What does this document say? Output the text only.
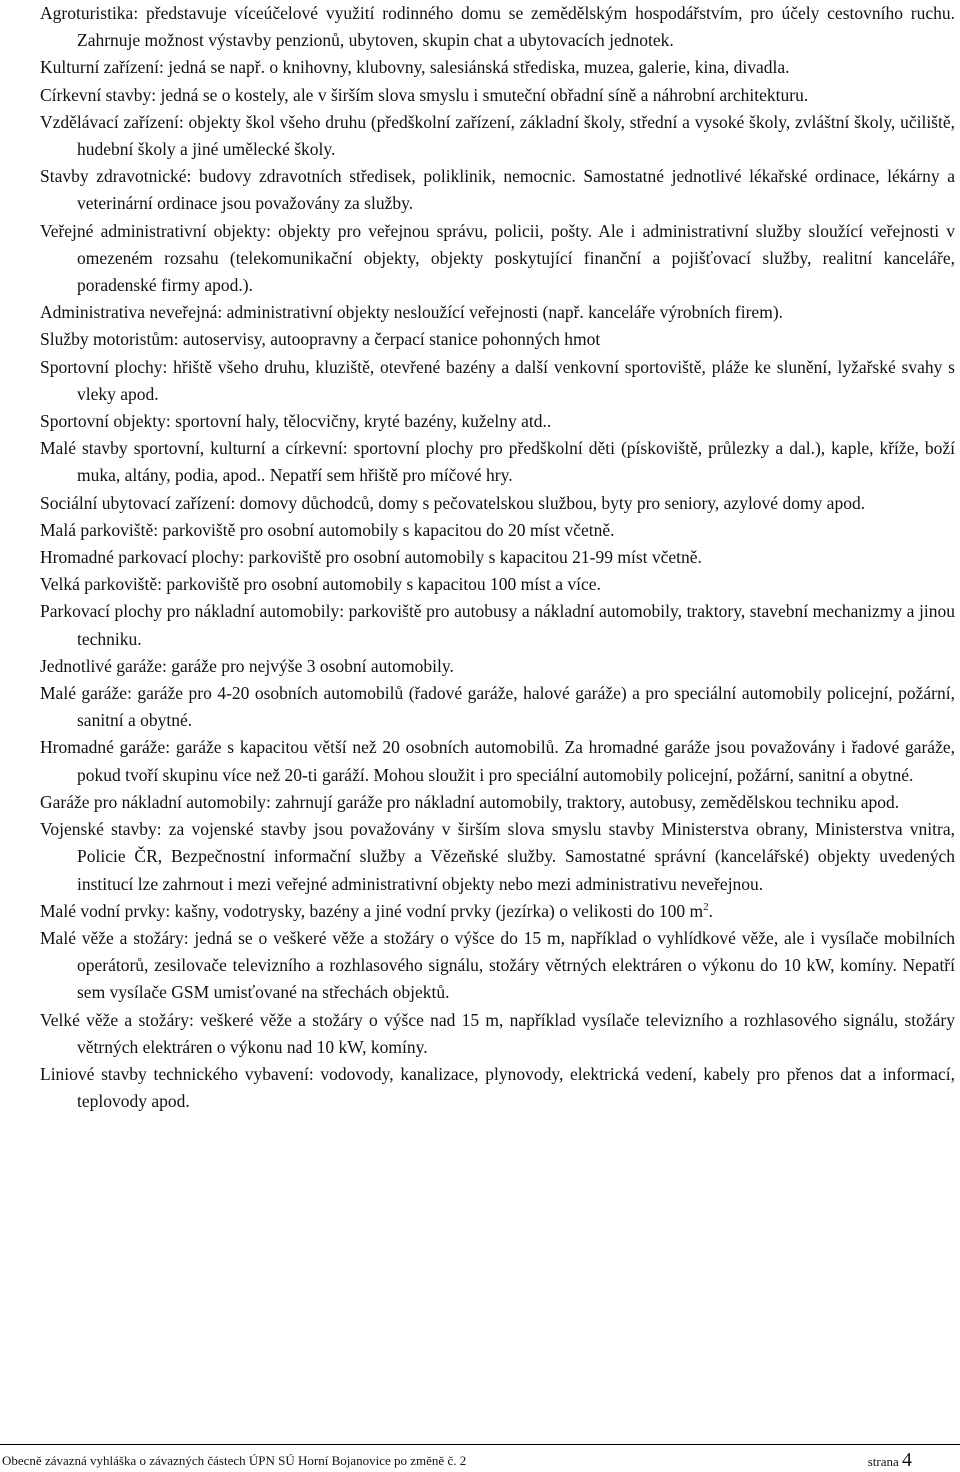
Agroturistika: představuje víceúčelové využití rodinného domu se zemědělským hospodářstvím, pro účely cestovního ruchu. Zahrnuje možnost výstavby penzionů, ubytoven, skupin chat a ubytovacích jednotek.

Kulturní zařízení: jedná se např. o knihovny, klubovny, salesiánská střediska, muzea, galerie, kina, divadla.

Církevní stavby: jedná se o kostely, ale v širším slova smyslu i smuteční obřadní síně a náhrobní architekturu.

Vzdělávací zařízení: objekty škol všeho druhu (předškolní zařízení, základní školy, střední a vysoké školy, zvláštní školy, učiliště, hudební školy a jiné umělecké školy.

Stavby zdravotnické: budovy zdravotních středisek, poliklinik, nemocnic. Samostatné jednotlivé lékařské ordinace, lékárny a veterinární ordinace jsou považovány za služby.

Veřejné administrativní objekty: objekty pro veřejnou správu, policii, pošty. Ale i administrativní služby sloužící veřejnosti v omezeném rozsahu (telekomunikační objekty, objekty poskytující finanční a pojišťovací služby, realitní kanceláře, poradenské firmy apod.).

Administrativa neveřejná: administrativní objekty nesloužící veřejnosti (např. kanceláře výrobních firem).

Služby motoristům: autoservisy, autoopravny a čerpací stanice pohonných hmot

Sportovní plochy: hřiště všeho druhu, kluziště, otevřené bazény a další venkovní sportoviště, pláže ke slunění, lyžařské svahy s vleky apod.

Sportovní objekty: sportovní haly, tělocvičny, kryté bazény, kuželny atd..

Malé stavby sportovní, kulturní a církevní: sportovní plochy pro předškolní děti (pískoviště, průlezky a dal.), kaple, kříže, boží muka, altány, podia, apod.. Nepatří sem hřiště pro míčové hry.

Sociální ubytovací zařízení: domovy důchodců, domy s pečovatelskou službou, byty pro seniory, azylové domy apod.

Malá parkoviště: parkoviště pro osobní automobily s kapacitou do 20 míst včetně.

Hromadné parkovací plochy: parkoviště pro osobní automobily s kapacitou 21-99 míst včetně.

Velká parkoviště: parkoviště pro osobní automobily s kapacitou 100 míst a více.

Parkovací plochy pro nákladní automobily: parkoviště pro autobusy a nákladní automobily, traktory, stavební mechanizmy a jinou techniku.

Jednotlivé garáže: garáže pro nejvýše 3 osobní automobily.

Malé garáže: garáže pro 4-20 osobních automobilů (řadové garáže, halové garáže) a pro speciální automobily policejní, požární, sanitní a obytné.

Hromadné garáže: garáže s kapacitou větší než 20 osobních automobilů. Za hromadné garáže jsou považovány i řadové garáže, pokud tvoří skupinu více než 20-ti garáží. Mohou sloužit i pro speciální automobily policejní, požární, sanitní a obytné.

Garáže pro nákladní automobily: zahrnují garáže pro nákladní automobily, traktory, autobusy, zemědělskou techniku apod.

Vojenské stavby: za vojenské stavby jsou považovány v širším slova smyslu stavby Ministerstva obrany, Ministerstva vnitra, Policie ČR, Bezpečnostní informační služby a Vězeňské služby. Samostatné správní (kancelářské) objekty uvedených institucí lze zahrnout i mezi veřejné administrativní objekty nebo mezi administrativu neveřejnou.

Malé vodní prvky: kašny, vodotrysky, bazény a jiné vodní prvky (jezírka) o velikosti do 100 $m^2$.

Malé věže a stožáry: jedná se o veškeré věže a stožáry o výšce do 15 m, například o vyhlídkové věže, ale i vysílače mobilních operátorů, zesilovače televizního a rozhlasového signálu, stožáry větrných elektráren o výkonu do 10 kW, komíny. Nepatří sem vysílače GSM umisťované na střechách objektů.

Velké věže a stožáry: veškeré věže a stožáry o výšce nad 15 m, například vysílače televizního a rozhlasového signálu, stožáry větrných elektráren o výkonu nad 10 kW, komíny.

Liniové stavby technického vybavení: vodovody, kanalizace, plynovody, elektrická vedení, kabely pro přenos dat a informací, teplovody apod.

Obecně závazná vyhláška o závazných částech ÚPN SÚ Horní Bojanovice po změně č. 2	strana 4
